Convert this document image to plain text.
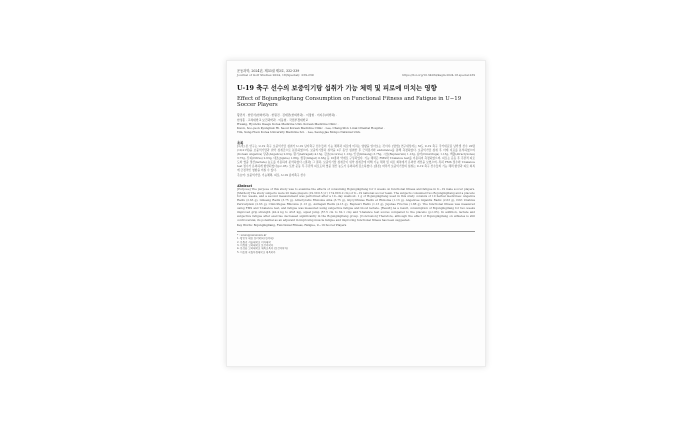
운동과학, 2024년, 제33권 제3호, 332-339
Journal of Golf Studies 2024, 18(Special): 239-239	https://doi.org/10.34284/kagm.2024.18.special.239
U-19 축구 선수의 보중익기탕 섭취가 기능 체력 및 피로에 미치는 영향
Effect of Bojungikgitang Consumption on Functional Fitness and Fatigue in U−19 Soccer Players
황민석 · 한민서(한의학과) · 한원진 · 김태민(한의학과) · 이정현 · 이지우(의학과) ·
한성훈 · 고려대학교 보건과학과 · 이동현 · 국립부경대학교
Hwang, Hyun-Su Daegu Korea Medicine Univ. Korean Medicine Clinic ·
Kwon, Soo-yeon Kyungbuk Hi. Seoul Korean Medicine Clinic · Lee, Chang-Won 1-mal Oriental Hospital ·
Yim, Sung-Hoon Korea University Medicine Sci. · Lee, Seung-Jae Mokpo National Univ.
초록
[목적] 본 연구는 U-19 축구 보중익기탕 섭취가 U-19 남자축구 선수들의 기능 체력과 피로에 미치는 영향을 알아보는 것이다. [방법] 연구대상자는 M도 U-19 축구 국가대표팀 남학생 선수 20명(10,21세)을 보중익기탕과 위약 섭취군으로 분류하였으며, 보중익기탕과 위약을 2주 동안 섭취한 후 근력검사와 endurance를 통해 측정하였다. 보중익기탕 섭취 후 아래 지표를 분석하였으며 (Korean Angelica) 당귀(Angelica) 2.63g, 황기(Astragali) 4.13g, 감초(Licorice) 1.13g, 인삼(Ginseng) 3.75g, 시호(Bupleurum) 1.13g, 승마(Cimicifuga) 1.13g, 백출(Atractylodes) 3.75g, 진피(Citrus) 2.63g, 대조(Jujube) 1.88g, 생강(Ginger) 0.63g 등 10종의 약재로 구성되었다. 기능 체력은 FMS와 Y-balance test를 이용하여 측정하였으며, 피로는 운동 후 주관적 피로도와 혈중 젖산(lactate) 농도를 이용하여 분석하였다. [결과] 그 결과, 보중익기탕 섭취군이 위약 섭취군에 비해 기능 체력 및 피로 회복에서 유의한 개선을 보였으며, 특히 FMS 점수와 Y-balance test 점수가 유의하게 향상되었다(p<.05). 또한 운동 후 주관적 피로도와 혈중 젖산 농도가 유의하게 감소하였다. [결론] 따라서 보중익기탕의 섭취는 U-19 축구 선수들의 기능 체력 향상과 피로 회복에 긍정적인 영향을 미칠 수 있다.
주요어: 보중익기탕, 기능체력, 피로, U-19 남자축구 선수
Abstract
[Purpose] The purpose of this study was to examine the effects of consuming Bojungikgitang for 2 weeks on functional fitness and fatigue in U−19 male soccer players. [Method] The study subjects were 20 male players (19.3±0.5 yr / 174.8±6.2 cm) of U−19 national soccer team. The subjects consumed two Bojungikgitang and a placebo for two weeks, and a second measurement was performed after a 10−day washout. 1 g of Bojungikgitang used in this study consists of 10 herbal medicines: Angelica Radix (2.63 g), Ginseng Radix (3.75 g), Atractylodis Rhizoma Alba (3.75 g), Glycyrrhizae Radix et Rhizoma (1.13 g), Angelicae Gigantis Radix (2.63 g), Citri Unshius Pericarpium (2.63 g), Cimicifugae Rhizoma (1.13 g), Astragali Radix (4.13 g), Bupleuri Radix (1.13 g), Jujubae Fructus (1.88 g). The functional fitness was measured using FMS and Y-balance test, and fatigue was measured using subjective fatigue and blood lactate. [Result] As a result, consumption of Bojungikgitang for two weeks improved grip strength (42.4 kg to 43.8 kg), squat jump (57.5 cm to 62.1 cm) and Y-balance test scores compared to the placebo (p<.05). In addition, lactate and subjective fatigue after exercise decreased significantly in the Bojungikgitang group. [Conclusion] Therefore, although the effect of Bojungikgitang on athletes is still controversial, its potential as an adjuvant in improving muscle fatigue and improving functional fitness has been suggested.
Key Words: Bojungikgitang, Functional Fitness, Fatigue, U−19 Soccer Players
* : xxxxx@xxxxxxxxx.kr
1. 황민석 대한 한의학회 (한의대)
2. 한원진 서울대학교 의과대학
3. 이정현 고려대학교 보건과학과
4. 한성훈 고려대학교 체육교육과 (보건과학과)
5. 이동현 국립부경대학교 체육학과
